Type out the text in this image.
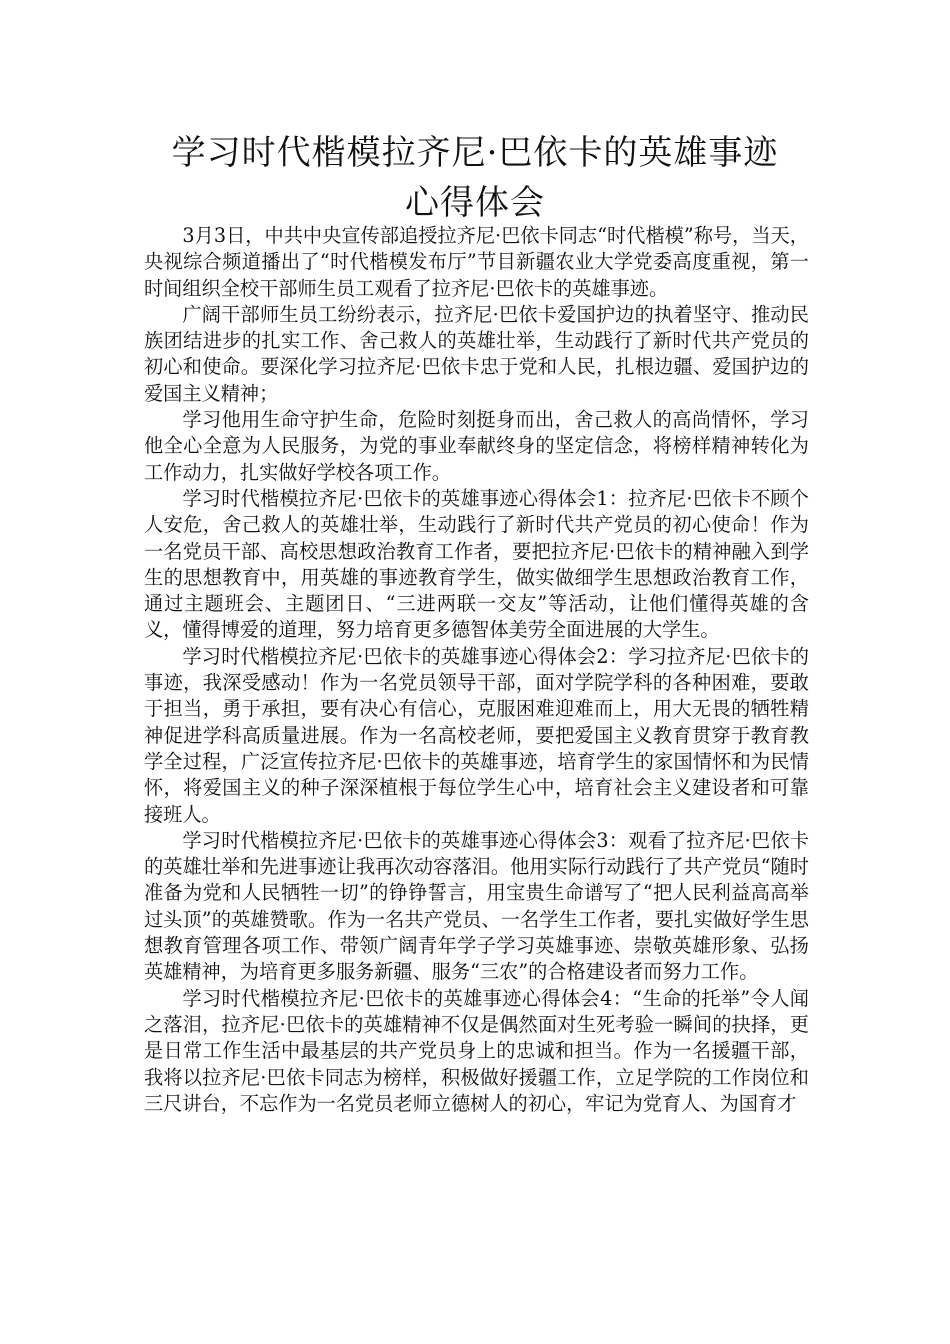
学习时代楷模拉齐尼·巴依卡的英雄事迹
心得体会

3月3日，中共中央宣传部追授拉齐尼·巴依卡同志“时代楷模”称号，当天，央视综合频道播出了“时代楷模发布厅”节目新疆农业大学党委高度重视，第一时间组织全校干部师生员工观看了拉齐尼·巴依卡的英雄事迹。

广阔干部师生员工纷纷表示，拉齐尼·巴依卡爱国护边的执着坚守、推动民族团结进步的扎实工作、舍己救人的英雄壮举，生动践行了新时代共产党员的初心和使命。要深化学习拉齐尼·巴依卡忠于党和人民，扎根边疆、爱国护边的爱国主义精神；

学习他用生命守护生命，危险时刻挺身而出，舍己救人的高尚情怀，学习他全心全意为人民服务，为党的事业奉献终身的坚定信念，将榜样精神转化为工作动力，扎实做好学校各项工作。

学习时代楷模拉齐尼·巴依卡的英雄事迹心得体会1：拉齐尼·巴依卡不顾个人安危，舍己救人的英雄壮举，生动践行了新时代共产党员的初心使命！作为一名党员干部、高校思想政治教育工作者，要把拉齐尼·巴依卡的精神融入到学生的思想教育中，用英雄的事迹教育学生，做实做细学生思想政治教育工作，通过主题班会、主题团日、“三进两联一交友”等活动，让他们懂得英雄的含义，懂得博爱的道理，努力培育更多德智体美劳全面进展的大学生。

学习时代楷模拉齐尼·巴依卡的英雄事迹心得体会2：学习拉齐尼·巴依卡的事迹，我深受感动！作为一名党员领导干部，面对学院学科的各种困难，要敢于担当，勇于承担，要有决心有信心，克服困难迎难而上，用大无畏的牺牲精神促进学科高质量进展。作为一名高校老师，要把爱国主义教育贯穿于教育教学全过程，广泛宣传拉齐尼·巴依卡的英雄事迹，培育学生的家国情怀和为民情怀，将爱国主义的种子深深植根于每位学生心中，培育社会主义建设者和可靠接班人。

学习时代楷模拉齐尼·巴依卡的英雄事迹心得体会3：观看了拉齐尼·巴依卡的英雄壮举和先进事迹让我再次动容落泪。他用实际行动践行了共产党员“随时准备为党和人民牺牲一切”的铮铮誓言，用宝贵生命谱写了“把人民利益高高举过头顶”的英雄赞歌。作为一名共产党员、一名学生工作者，要扎实做好学生思想教育管理各项工作、带领广阔青年学子学习英雄事迹、崇敬英雄形象、弘扬英雄精神，为培育更多服务新疆、服务“三农”的合格建设者而努力工作。

学习时代楷模拉齐尼·巴依卡的英雄事迹心得体会4：“生命的托举”令人闻之落泪，拉齐尼·巴依卡的英雄精神不仅是偶然面对生死考验一瞬间的抉择，更是日常工作生活中最基层的共产党员身上的忠诚和担当。作为一名援疆干部，我将以拉齐尼·巴依卡同志为榜样，积极做好援疆工作，立足学院的工作岗位和三尺讲台，不忘作为一名党员老师立德树人的初心，牢记为党育人、为国育才
